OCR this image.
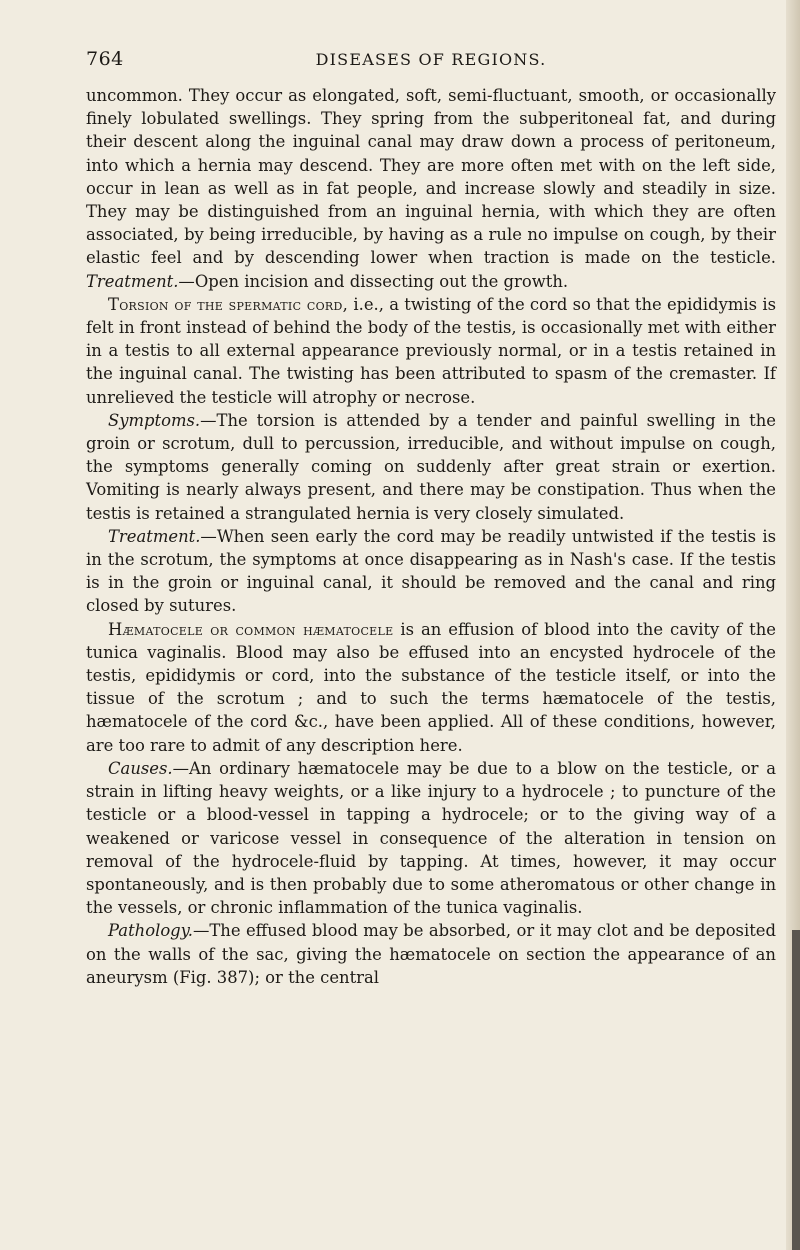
764	DISEASES OF REGIONS.

uncommon. They occur as elongated, soft, semi-fluctuant, smooth, or occasionally finely lobulated swellings. They spring from the subperitoneal fat, and during their descent along the inguinal canal may draw down a process of peritoneum, into which a hernia may descend. They are more often met with on the left side, occur in lean as well as in fat people, and increase slowly and steadily in size. They may be distinguished from an inguinal hernia, with which they are often associated, by being irreducible, by having as a rule no impulse on cough, by their elastic feel and by descending lower when traction is made on the testicle. Treatment.—Open incision and dissecting out the growth.

Torsion of the spermatic cord, i.e., a twisting of the cord so that the epididymis is felt in front instead of behind the body of the testis, is occasionally met with either in a testis to all external appearance previously normal, or in a testis retained in the inguinal canal. The twisting has been attributed to spasm of the cremaster. If unrelieved the testicle will atrophy or necrose.

Symptoms.—The torsion is attended by a tender and painful swelling in the groin or scrotum, dull to percussion, irreducible, and without impulse on cough, the symptoms generally coming on suddenly after great strain or exertion. Vomiting is nearly always present, and there may be constipation. Thus when the testis is retained a strangulated hernia is very closely simulated.

Treatment.—When seen early the cord may be readily untwisted if the testis is in the scrotum, the symptoms at once disappearing as in Nash's case. If the testis is in the groin or inguinal canal, it should be removed and the canal and ring closed by sutures.

Hæmatocele or common hæmatocele is an effusion of blood into the cavity of the tunica vaginalis. Blood may also be effused into an encysted hydrocele of the testis, epididymis or cord, into the substance of the testicle itself, or into the tissue of the scrotum ; and to such the terms hæmatocele of the testis, hæmatocele of the cord &c., have been applied. All of these conditions, however, are too rare to admit of any description here.

Causes.—An ordinary hæmatocele may be due to a blow on the testicle, or a strain in lifting heavy weights, or a like injury to a hydrocele ; to puncture of the testicle or a blood-vessel in tapping a hydrocele; or to the giving way of a weakened or varicose vessel in consequence of the alteration in tension on removal of the hydrocele-fluid by tapping. At times, however, it may occur spontaneously, and is then probably due to some atheromatous or other change in the vessels, or chronic inflammation of the tunica vaginalis.

Pathology.—The effused blood may be absorbed, or it may clot and be deposited on the walls of the sac, giving the hæmatocele on section the appearance of an aneurysm (Fig. 387); or the central
